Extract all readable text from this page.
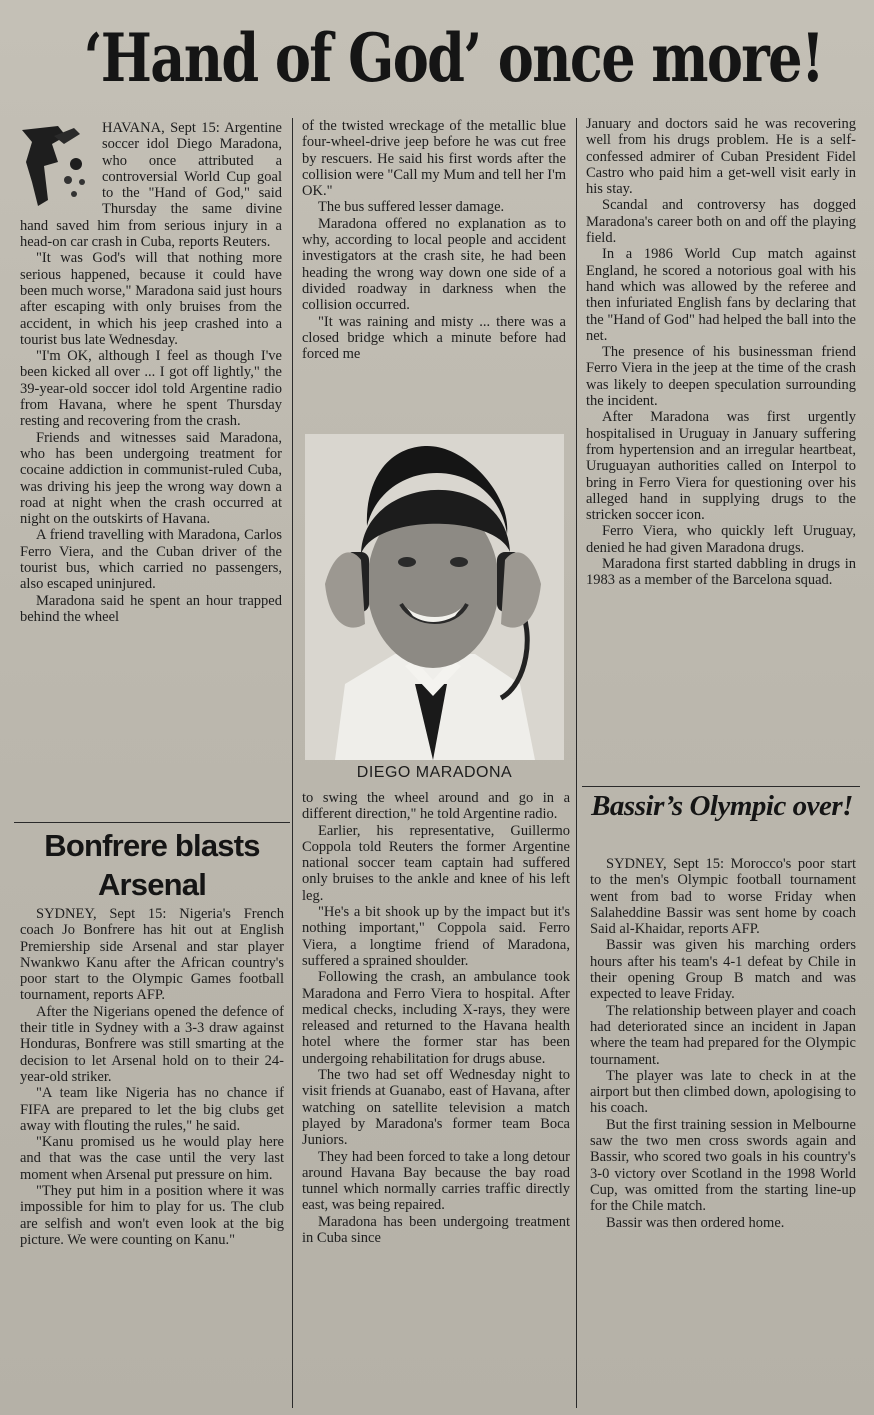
‘Hand of God’ once more!

HAVANA, Sept 15: Argentine soccer idol Diego Maradona, who once attributed a controversial World Cup goal to the "Hand of God," said Thursday the same divine hand saved him from serious injury in a head-on car crash in Cuba, reports Reuters.

"It was God's will that nothing more serious happened, because it could have been much worse," Maradona said just hours after escaping with only bruises from the accident, in which his jeep crashed into a tourist bus late Wednesday.

"I'm OK, although I feel as though I've been kicked all over ... I got off lightly," the 39-year-old soccer idol told Argentine radio from Havana, where he spent Thursday resting and recovering from the crash.

Friends and witnesses said Maradona, who has been undergoing treatment for cocaine addiction in communist-ruled Cuba, was driving his jeep the wrong way down a road at night when the crash occurred at night on the outskirts of Havana.

A friend travelling with Maradona, Carlos Ferro Viera, and the Cuban driver of the tourist bus, which carried no passengers, also escaped uninjured.

Maradona said he spent an hour trapped behind the wheel

of the twisted wreckage of the metallic blue four-wheel-drive jeep before he was cut free by rescuers. He said his first words after the collision were "Call my Mum and tell her I'm OK."

The bus suffered lesser damage.

Maradona offered no explanation as to why, according to local people and accident investigators at the crash site, he had been heading the wrong way down one side of a divided roadway in darkness when the collision occurred.

"It was raining and misty ... there was a closed bridge which a minute before had forced me

DIEGO MARADONA

to swing the wheel around and go in a different direction," he told Argentine radio.

Earlier, his representative, Guillermo Coppola told Reuters the former Argentine national soccer team captain had suffered only bruises to the ankle and knee of his left leg.

"He's a bit shook up by the impact but it's nothing important," Coppola said. Ferro Viera, a longtime friend of Maradona, suffered a sprained shoulder.

Following the crash, an ambulance took Maradona and Ferro Viera to hospital. After medical checks, including X-rays, they were released and returned to the Havana health hotel where the former star has been undergoing rehabilitation for drugs abuse.

The two had set off Wednesday night to visit friends at Guanabo, east of Havana, after watching on satellite television a match played by Maradona's former team Boca Juniors.

They had been forced to take a long detour around Havana Bay because the bay road tunnel which normally carries traffic directly east, was being repaired.

Maradona has been undergoing treatment in Cuba since

January and doctors said he was recovering well from his drugs problem. He is a self-confessed admirer of Cuban President Fidel Castro who paid him a get-well visit early in his stay.

Scandal and controversy has dogged Maradona's career both on and off the playing field.

In a 1986 World Cup match against England, he scored a notorious goal with his hand which was allowed by the referee and then infuriated English fans by declaring that the "Hand of God" had helped the ball into the net.

The presence of his businessman friend Ferro Viera in the jeep at the time of the crash was likely to deepen speculation surrounding the incident.

After Maradona was first urgently hospitalised in Uruguay in January suffering from hypertension and an irregular heartbeat, Uruguayan authorities called on Interpol to bring in Ferro Viera for questioning over his alleged hand in supplying drugs to the stricken soccer icon.

Ferro Viera, who quickly left Uruguay, denied he had given Maradona drugs.

Maradona first started dabbling in drugs in 1983 as a member of the Barcelona squad.

Bonfrere blasts Arsenal

SYDNEY, Sept 15: Nigeria's French coach Jo Bonfrere has hit out at English Premiership side Arsenal and star player Nwankwo Kanu after the African country's poor start to the Olympic Games football tournament, reports AFP.

After the Nigerians opened the defence of their title in Sydney with a 3-3 draw against Honduras, Bonfrere was still smarting at the decision to let Arsenal hold on to their 24-year-old striker.

"A team like Nigeria has no chance if FIFA are prepared to let the big clubs get away with flouting the rules," he said.

"Kanu promised us he would play here and that was the case until the very last moment when Arsenal put pressure on him.

"They put him in a position where it was impossible for him to play for us. The club are selfish and won't even look at the big picture. We were counting on Kanu."

Bassir’s Olympic over!

SYDNEY, Sept 15: Morocco's poor start to the men's Olympic football tournament went from bad to worse Friday when Salaheddine Bassir was sent home by coach Said al-Khaidar, reports AFP.

Bassir was given his marching orders hours after his team's 4-1 defeat by Chile in their opening Group B match and was expected to leave Friday.

The relationship between player and coach had deteriorated since an incident in Japan where the team had prepared for the Olympic tournament.

The player was late to check in at the airport but then climbed down, apologising to his coach.

But the first training session in Melbourne saw the two men cross swords again and Bassir, who scored two goals in his country's 3-0 victory over Scotland in the 1998 World Cup, was omitted from the starting line-up for the Chile match.

Bassir was then ordered home.
